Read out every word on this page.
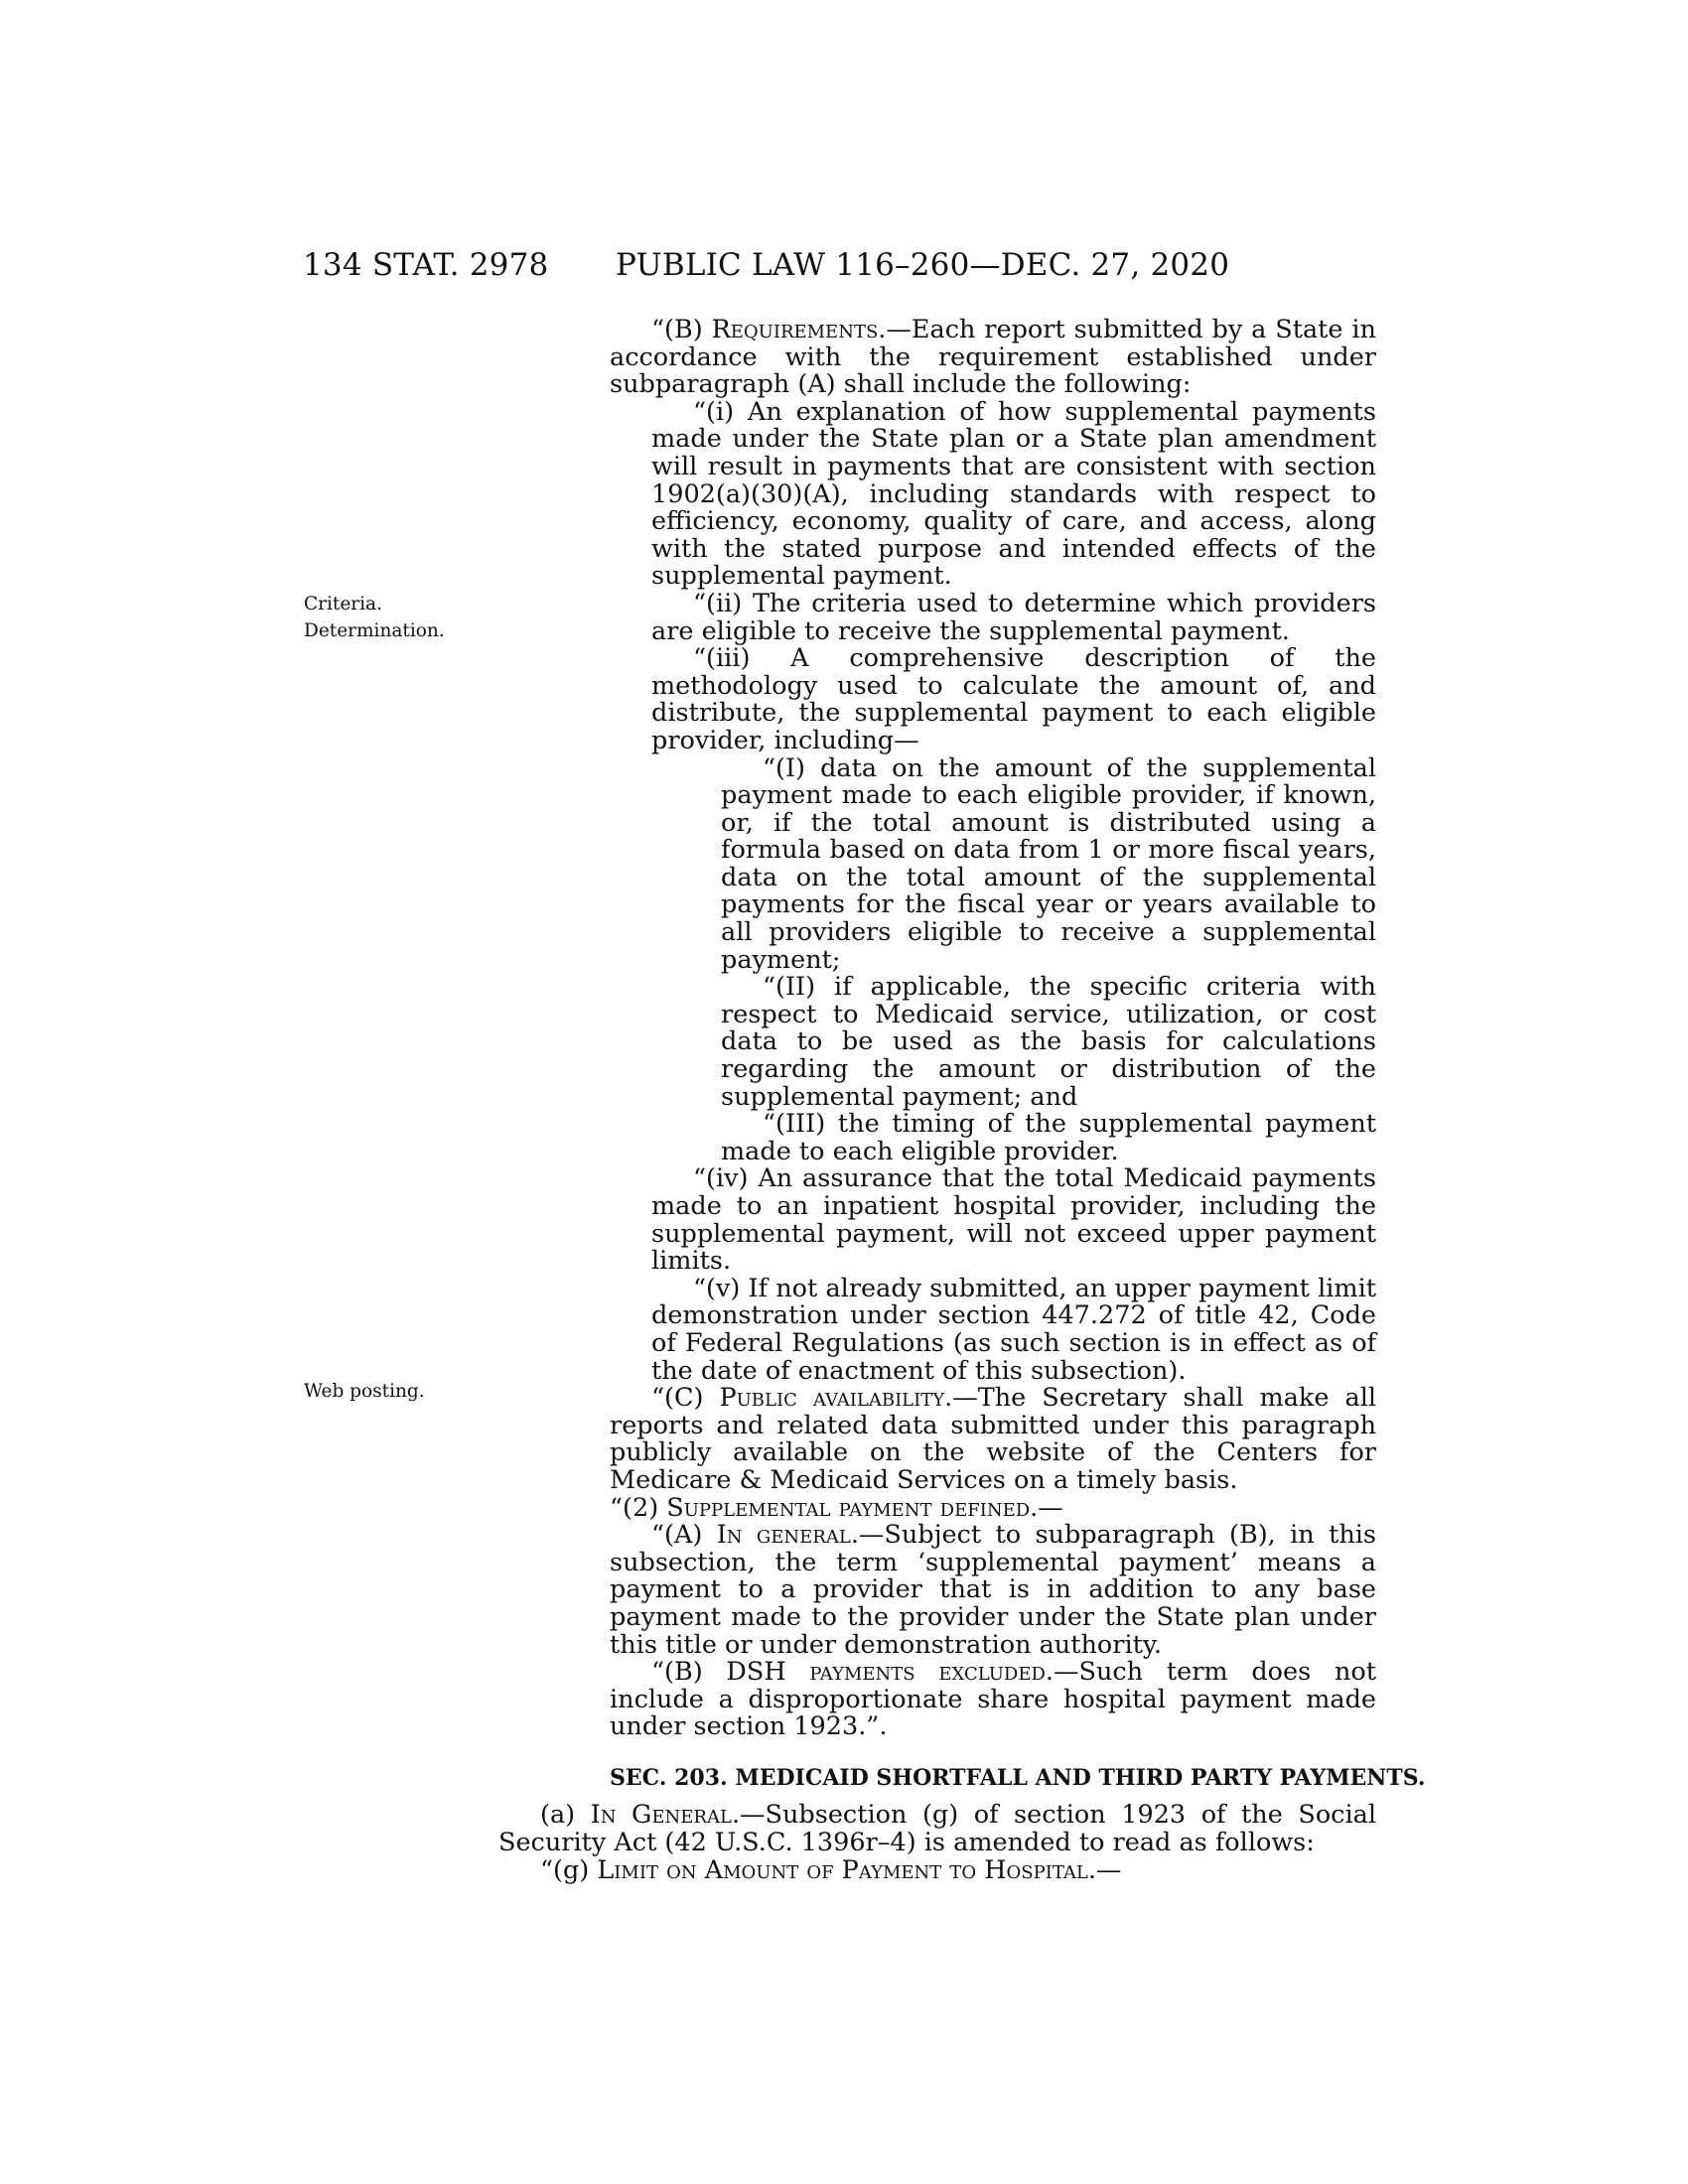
134 STAT. 2978 PUBLIC LAW 116–260—DEC. 27, 2020
Criteria.
Determination.
Web posting.

“(B) Requirements.—Each report submitted by a State in accordance with the requirement established under subparagraph (A) shall include the following:

“(i) An explanation of how supplemental payments made under the State plan or a State plan amendment will result in payments that are consistent with section 1902(a)(30)(A), including standards with respect to efficiency, economy, quality of care, and access, along with the stated purpose and intended effects of the supplemental payment.

“(ii) The criteria used to determine which providers are eligible to receive the supplemental payment.

“(iii) A comprehensive description of the methodology used to calculate the amount of, and distribute, the supplemental payment to each eligible provider, including—

“(I) data on the amount of the supplemental payment made to each eligible provider, if known, or, if the total amount is distributed using a formula based on data from 1 or more fiscal years, data on the total amount of the supplemental payments for the fiscal year or years available to all providers eligible to receive a supplemental payment;

“(II) if applicable, the specific criteria with respect to Medicaid service, utilization, or cost data to be used as the basis for calculations regarding the amount or distribution of the supplemental payment; and

“(III) the timing of the supplemental payment made to each eligible provider.

“(iv) An assurance that the total Medicaid payments made to an inpatient hospital provider, including the supplemental payment, will not exceed upper payment limits.

“(v) If not already submitted, an upper payment limit demonstration under section 447.272 of title 42, Code of Federal Regulations (as such section is in effect as of the date of enactment of this subsection).

“(C) Public availability.—The Secretary shall make all reports and related data submitted under this paragraph publicly available on the website of the Centers for Medicare & Medicaid Services on a timely basis.

“(2) Supplemental payment defined.—

“(A) In general.—Subject to subparagraph (B), in this subsection, the term ‘supplemental payment’ means a payment to a provider that is in addition to any base payment made to the provider under the State plan under this title or under demonstration authority.

“(B) DSH payments excluded.—Such term does not include a disproportionate share hospital payment made under section 1923.”.

SEC. 203. MEDICAID SHORTFALL AND THIRD PARTY PAYMENTS.

(a) In General.—Subsection (g) of section 1923 of the Social Security Act (42 U.S.C. 1396r–4) is amended to read as follows:

“(g) Limit on Amount of Payment to Hospital.—
